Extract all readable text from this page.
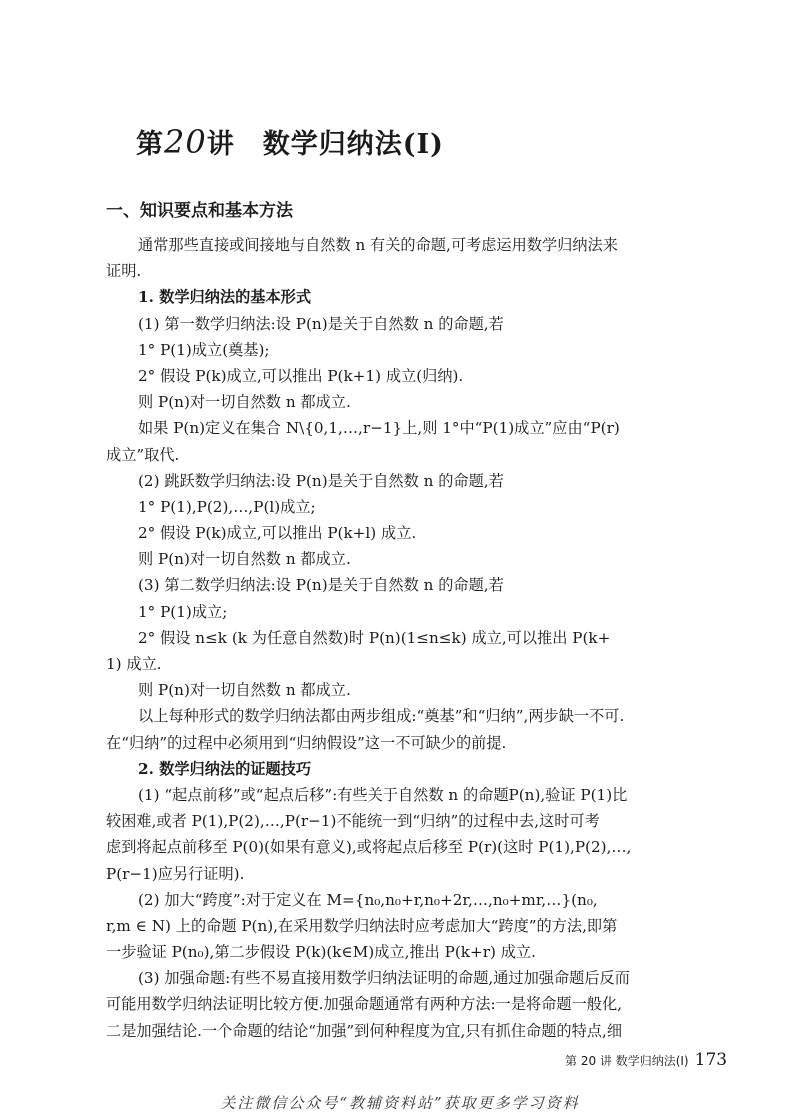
第20讲 数学归纳法(Ⅰ)
一、知识要点和基本方法
通常那些直接或间接地与自然数 n 有关的命题,可考虑运用数学归纳法来
证明.
1. 数学归纳法的基本形式
(1) 第一数学归纳法:设 P(n)是关于自然数 n 的命题,若
1° P(1)成立(奠基);
2° 假设 P(k)成立,可以推出 P(k+1) 成立(归纳).
则 P(n)对一切自然数 n 都成立.
如果 P(n)定义在集合 N\{0,1,…,r−1}上,则 1°中“P(1)成立”应由“P(r)
成立”取代.
(2) 跳跃数学归纳法:设 P(n)是关于自然数 n 的命题,若
1° P(1),P(2),…,P(l)成立;
2° 假设 P(k)成立,可以推出 P(k+l) 成立.
则 P(n)对一切自然数 n 都成立.
(3) 第二数学归纳法:设 P(n)是关于自然数 n 的命题,若
1° P(1)成立;
2° 假设 n≤k (k 为任意自然数)时 P(n)(1≤n≤k) 成立,可以推出 P(k+
1) 成立.
则 P(n)对一切自然数 n 都成立.
以上每种形式的数学归纳法都由两步组成:“奠基”和“归纳”,两步缺一不可.
在“归纳”的过程中必须用到“归纳假设”这一不可缺少的前提.
2. 数学归纳法的证题技巧
(1) “起点前移”或“起点后移”:有些关于自然数 n 的命题P(n),验证 P(1)比
较困难,或者 P(1),P(2),…,P(r−1)不能统一到“归纳”的过程中去,这时可考
虑到将起点前移至 P(0)(如果有意义),或将起点后移至 P(r)(这时 P(1),P(2),…,
P(r−1)应另行证明).
(2) 加大“跨度”:对于定义在 M={n₀,n₀+r,n₀+2r,…,n₀+mr,…}(n₀,
r,m ∈ N) 上的命题 P(n),在采用数学归纳法时应考虑加大“跨度”的方法,即第
一步验证 P(n₀),第二步假设 P(k)(k∈M)成立,推出 P(k+r) 成立.
(3) 加强命题:有些不易直接用数学归纳法证明的命题,通过加强命题后反而
可能用数学归纳法证明比较方便.加强命题通常有两种方法:一是将命题一般化,
二是加强结论.一个命题的结论“加强”到何种程度为宜,只有抓住命题的特点,细
第 20 讲 数学归纳法(Ⅰ) 173
关注微信公众号“教辅资料站”获取更多学习资料
